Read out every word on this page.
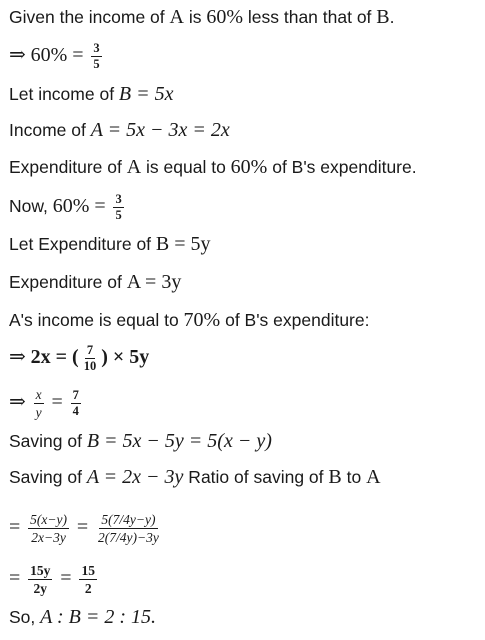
Given the income of A is 60% less than that of B.
⇒ $60\% = \frac{3}{5}$
Let income of B = 5x
Income of A = 5x − 3x = 2x
Expenditure of A is equal to 60% of B's expenditure.
Now, $60\% = \frac{3}{5}$
Let Expenditure of B = 5y
Expenditure of A = 3y
A's income is equal to 70% of B's expenditure:
⇒ 2x = ( $\frac{7}{10}$ ) × 5y
⇒ $\frac{x}{y} = \frac{7}{4}$
Saving of B = 5x − 5y = 5(x − y)
Saving of A = 2x − 3y Ratio of saving of B to A
= $\frac{5(x-y)}{2x-3y} = \frac{5(7/4y-y)}{2(7/4y)-3y}$
= $\frac{15y}{2y} = \frac{15}{2}$
So, A : B = 2 : 15.
